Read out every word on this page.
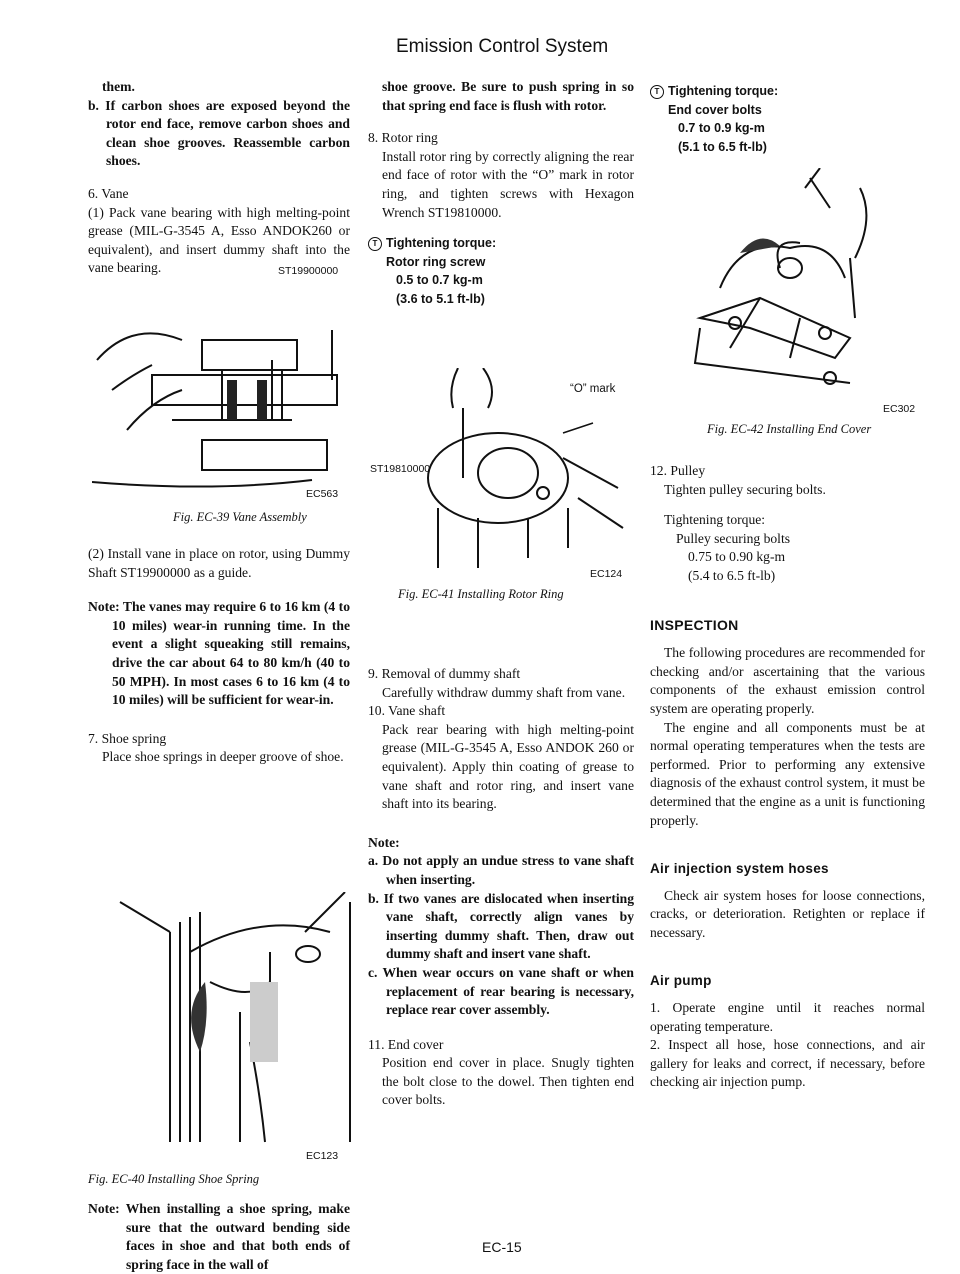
Emission Control System

them.

b. If carbon shoes are exposed beyond the rotor end face, remove carbon shoes and clean shoe grooves. Reassemble carbon shoes.

6. Vane

(1) Pack vane bearing with high melting-point grease (MIL-G-3545 A, Esso ANDOK260 or equivalent), and insert dummy shaft into the vane bearing.	ST19900000
EC563
Fig. EC-39 Vane Assembly

(2) Install vane in place on rotor, using Dummy Shaft ST19900000 as a guide.

Note: The vanes may require 6 to 16 km (4 to 10 miles) wear-in running time. In the event a slight squeaking still remains, drive the car about 64 to 80 km/h (40 to 50 MPH). In most cases 6 to 16 km (4 to 10 miles) will be sufficient for wear-in.

7. Shoe spring

Place shoe springs in deeper groove of shoe.

EC123
Fig. EC-40 Installing Shoe Spring

Note: When installing a shoe spring, make sure that the outward bending side faces in shoe and that both ends of spring face in the wall of

shoe groove. Be sure to push spring in so that spring end face is flush with rotor.

8. Rotor ring

Install rotor ring by correctly aligning the rear end face of rotor with the “O” mark in rotor ring, and tighten screws with Hexagon Wrench ST19810000.

T Tightening torque:
Rotor ring screw
0.5 to 0.7 kg-m
(3.6 to 5.1 ft-lb)
“O” mark
ST19810000
EC124
Fig. EC-41 Installing Rotor Ring

9. Removal of dummy shaft

Carefully withdraw dummy shaft from vane.

10. Vane shaft

Pack rear bearing with high melting-point grease (MIL-G-3545 A, Esso ANDOK 260 or equivalent). Apply thin coating of grease to vane shaft and rotor ring, and insert vane shaft into its bearing.

Note:

a. Do not apply an undue stress to vane shaft when inserting.

b. If two vanes are dislocated when inserting vane shaft, correctly align vanes by inserting dummy shaft. Then, draw out dummy shaft and insert vane shaft.

c. When wear occurs on vane shaft or when replacement of rear bearing is necessary, replace rear cover assembly.

11. End cover

Position end cover in place. Snugly tighten the bolt close to the dowel. Then tighten end cover bolts.

T Tightening torque:
End cover bolts
0.7 to 0.9 kg-m
(5.1 to 6.5 ft-lb)
EC302
Fig. EC-42 Installing End Cover

12. Pulley

Tighten pulley securing bolts.

Tightening torque:
Pulley securing bolts
0.75 to 0.90 kg-m
(5.4 to 6.5 ft-lb)

INSPECTION

The following procedures are recommended for checking and/or ascertaining that the various components of the exhaust emission control system are operating properly.

The engine and all components must be at normal operating temperatures when the tests are performed. Prior to performing any extensive diagnosis of the exhaust control system, it must be determined that the engine as a unit is functioning properly.

Air injection system hoses

Check air system hoses for loose connections, cracks, or deterioration. Retighten or replace if necessary.

Air pump

1. Operate engine until it reaches normal operating temperature.

2. Inspect all hose, hose connections, and air gallery for leaks and correct, if necessary, before checking air injection pump.

EC-15
